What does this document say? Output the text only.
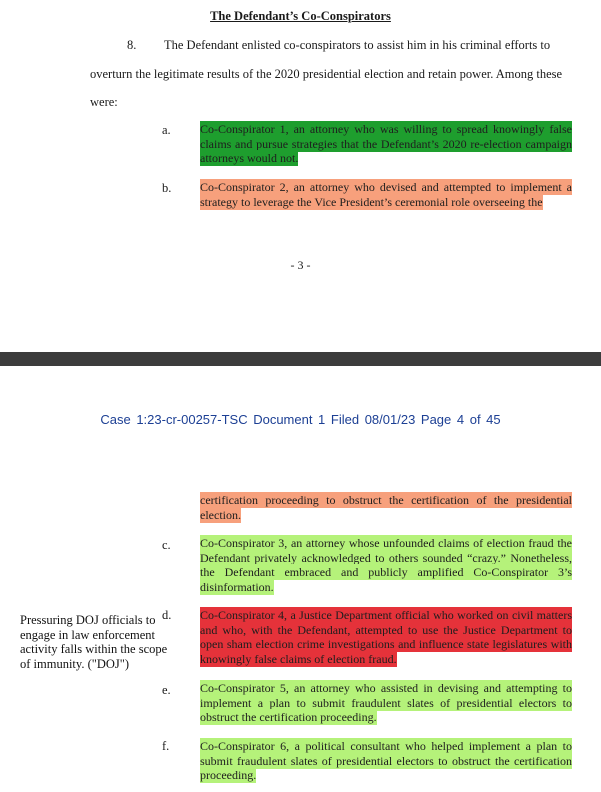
The Defendant’s Co-Conspirators
8. The Defendant enlisted co-conspirators to assist him in his criminal efforts to
overturn the legitimate results of the 2020 presidential election and retain power. Among these
were:
a. Co-Conspirator 1, an attorney who was willing to spread knowingly false claims and pursue strategies that the Defendant’s 2020 re-election campaign attorneys would not.
b. Co-Conspirator 2, an attorney who devised and attempted to implement a strategy to leverage the Vice President’s ceremonial role overseeing the
- 3 -
Case 1:23-cr-00257-TSC Document 1 Filed 08/01/23 Page 4 of 45
certification proceeding to obstruct the certification of the presidential election.
c. Co-Conspirator 3, an attorney whose unfounded claims of election fraud the Defendant privately acknowledged to others sounded “crazy.” Nonetheless, the Defendant embraced and publicly amplified Co-Conspirator 3’s disinformation.
d. Co-Conspirator 4, a Justice Department official who worked on civil matters and who, with the Defendant, attempted to use the Justice Department to open sham election crime investigations and influence state legislatures with knowingly false claims of election fraud.
Pressuring DOJ officials to engage in law enforcement activity falls within the scope of immunity. ("DOJ")
e. Co-Conspirator 5, an attorney who assisted in devising and attempting to implement a plan to submit fraudulent slates of presidential electors to obstruct the certification proceeding.
f.	Co-Conspirator 6, a political consultant who helped implement a plan to submit fraudulent slates of presidential electors to obstruct the certification proceeding.
